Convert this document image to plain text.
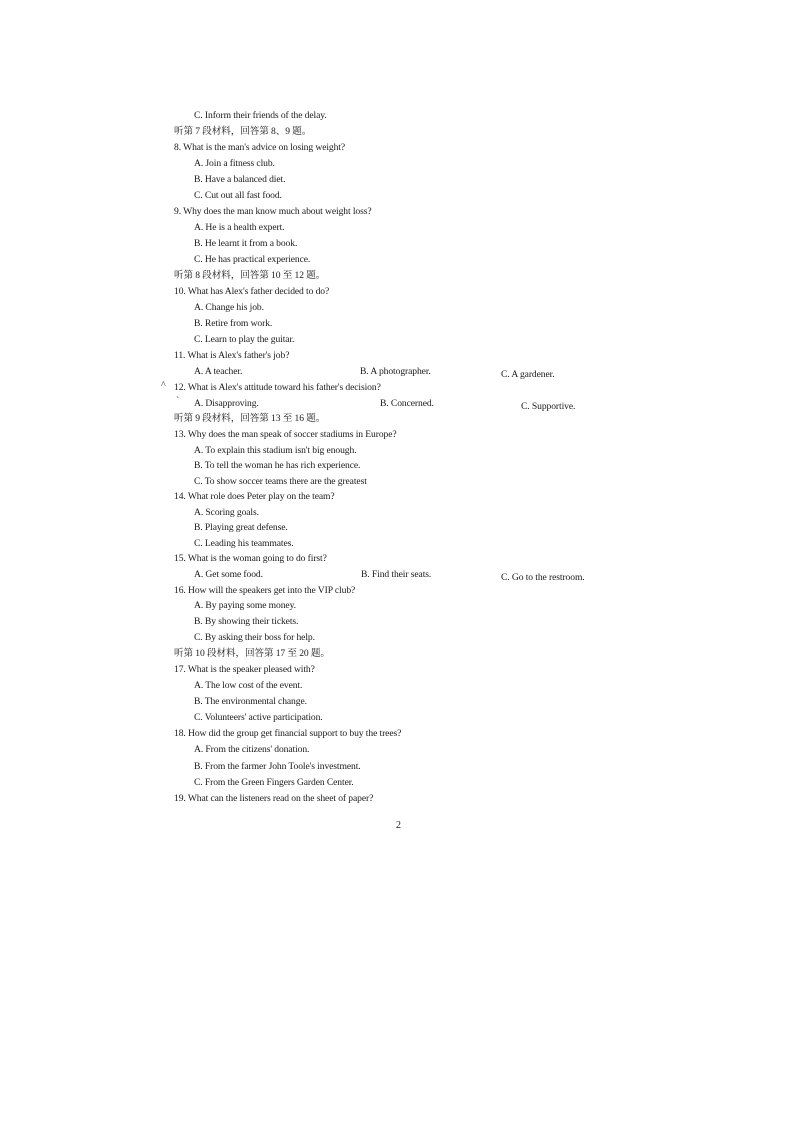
C. Inform their friends of the delay.
听第 7 段材料，回答第 8、9 题。
8. What is the man's advice on losing weight?
A. Join a fitness club.
B. Have a balanced diet.
C. Cut out all fast food.
9. Why does the man know much about weight loss?
A. He is a health expert.
B. He learnt it from a book.
C. He has practical experience.
听第 8 段材料，回答第 10 至 12 题。
10. What has Alex's father decided to do?
A. Change his job.
B. Retire from work.
C. Learn to play the guitar.
11. What is Alex's father's job?
A. A teacher.	B. A photographer.	C. A gardener.
^ 12. What is Alex's attitude toward his father's decision?
` A. Disapproving.	B. Concerned.	C. Supportive.
听第 9 段材料，回答第 13 至 16 题。
13. Why does the man speak of soccer stadiums in Europe?
A. To explain this stadium isn't big enough.
B. To tell the woman he has rich experience.
C. To show soccer teams there are the greatest
14. What role does Peter play on the team?
A. Scoring goals.
B. Playing great defense.
C. Leading his teammates.
15. What is the woman going to do first?
A. Get some food.	B. Find their seats.	C. Go to the restroom.
16. How will the speakers get into the VIP club?
A. By paying some money.
B. By showing their tickets.
C. By asking their boss for help.
听第 10 段材料，回答第 17 至 20 题。
17. What is the speaker pleased with?
A. The low cost of the event.
B. The environmental change.
C. Volunteers' active participation.
18. How did the group get financial support to buy the trees?
A. From the citizens' donation.
B. From the farmer John Toole's investment.
C. From the Green Fingers Garden Center.
19. What can the listeners read on the sheet of paper?
2
